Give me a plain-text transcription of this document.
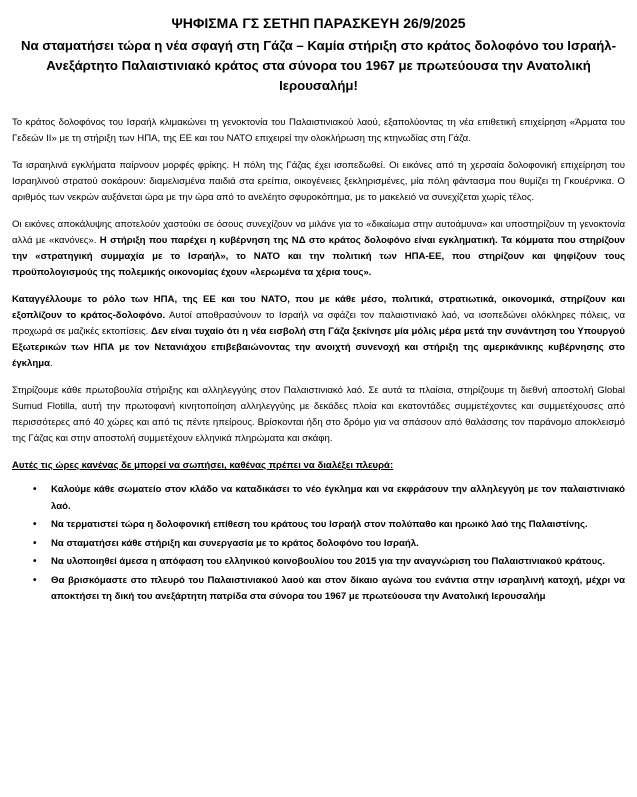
ΨΗΦΙΣΜΑ ΓΣ ΣΕΤΗΠ ΠΑΡΑΣΚΕΥΗ 26/9/2025
Να σταματήσει τώρα η νέα σφαγή στη Γάζα – Καμία στήριξη στο κράτος δολοφόνο του Ισραήλ-Ανεξάρτητο Παλαιστινιακό κράτος στα σύνορα του 1967 με πρωτεύουσα την Ανατολική Ιερουσαλήμ!

Το κράτος δολοφόνος του Ισραήλ κλιμακώνει τη γενοκτονία του Παλαιστινιακού λαού, εξαπολύοντας τη νέα επιθετική επιχείρηση «Άρματα του Γεδεών ΙΙ» με τη στήριξη των ΗΠΑ, της ΕΕ και του ΝΑΤΟ επιχειρεί την ολοκλήρωση της κτηνωδίας στη Γάζα.

Τα ισραηλινά εγκλήματα παίρνουν μορφές φρίκης. Η πόλη της Γάζας έχει ισοπεδωθεί. Οι εικόνες από τη χερσαία δολοφονική επιχείρηση του Ισραηλινού στρατού σοκάρουν: διαμελισμένα παιδιά στα ερείπια, οικογένειες ξεκληρισμένες, μία πόλη φάντασμα που θυμίζει τη Γκουέρνικα. Ο αριθμός των νεκρών αυξάνεται ώρα με την ώρα από το ανελέητο σφυροκόπημα, με το μακελειό να συνεχίζεται χωρίς τέλος.

Οι εικόνες αποκάλυψης αποτελούν χαστούκι σε όσους συνεχίζουν να μιλάνε για το «δικαίωμα στην αυτοάμυνα» και υποστηρίζουν τη γενοκτονία αλλά με «κανόνες». Η στήριξη που παρέχει η κυβέρνηση της ΝΔ στο κράτος δολοφόνο είναι εγκληματική. Τα κόμματα που στηρίζουν την «στρατηγική συμμαχία με το Ισραήλ», το ΝΑΤΟ και την πολιτική των ΗΠΑ-ΕΕ, που στηρίζουν και ψηφίζουν τους προϋπολογισμούς της πολεμικής οικονομίας έχουν «λερωμένα τα χέρια τους».

Καταγγέλλουμε το ρόλο των ΗΠΑ, της ΕΕ και του ΝΑΤΟ, που με κάθε μέσο, πολιτικά, στρατιωτικά, οικονομικά, στηρίζουν και εξοπλίζουν το κράτος-δολοφόνο. Αυτοί αποθρασύνουν το Ισραήλ να σφάζει τον παλαιστινιακό λαό, να ισοπεδώνει ολόκληρες πόλεις, να προχωρά σε μαζικές εκτοπίσεις. Δεν είναι τυχαίο ότι η νέα εισβολή στη Γάζα ξεκίνησε μία μόλις μέρα μετά την συνάντηση του Υπουργού Εξωτερικών των ΗΠΑ με τον Νετανιάχου επιβεβαιώνοντας την ανοιχτή συνενοχή και στήριξη της αμερικάνικης κυβέρνησης στο έγκλημα.

Στηρίζουμε κάθε πρωτοβουλία στήριξης και αλληλεγγύης στον Παλαιστινιακό λαό. Σε αυτά τα πλαίσια, στηρίζουμε τη διεθνή αποστολή Global Sumud Flotilla, αυτή την πρωτοφανή κινητοποίηση αλληλεγγύης με δεκάδες πλοία και εκατοντάδες συμμετέχοντες και συμμετέχουσες από περισσότερες από 40 χώρες και από τις πέντε ηπείρους. Βρίσκονται ήδη στο δρόμο για να σπάσουν από θαλάσσης τον παράνομο αποκλεισμό της Γάζας και στην αποστολή συμμετέχουν ελληνικά πληρώματα και σκάφη.

Αυτές τις ώρες κανένας δε μπορεί να σωπήσει, καθένας πρέπει να διαλέξει πλευρά:

• Καλούμε κάθε σωματείο στον κλάδο να καταδικάσει το νέο έγκλημα και να εκφράσουν την αλληλεγγύη με τον παλαιστινιακό λαό.
• Να τερματιστεί τώρα η δολοφονική επίθεση του κράτους του Ισραήλ στον πολύπαθο και ηρωικό λαό της Παλαιστίνης.
• Να σταματήσει κάθε στήριξη και συνεργασία με το κράτος δολοφόνο του Ισραήλ.
• Να υλοποιηθεί άμεσα η απόφαση του ελληνικού κοινοβουλίου του 2015 για την αναγνώριση του Παλαιστινιακού κράτους.
• Θα βρισκόμαστε στο πλευρό του Παλαιστινιακού λαού και στον δίκαιο αγώνα του ενάντια στην ισραηλινή κατοχή, μέχρι να αποκτήσει τη δική του ανεξάρτητη πατρίδα στα σύνορα του 1967 με πρωτεύουσα την Ανατολική Ιερουσαλήμ
